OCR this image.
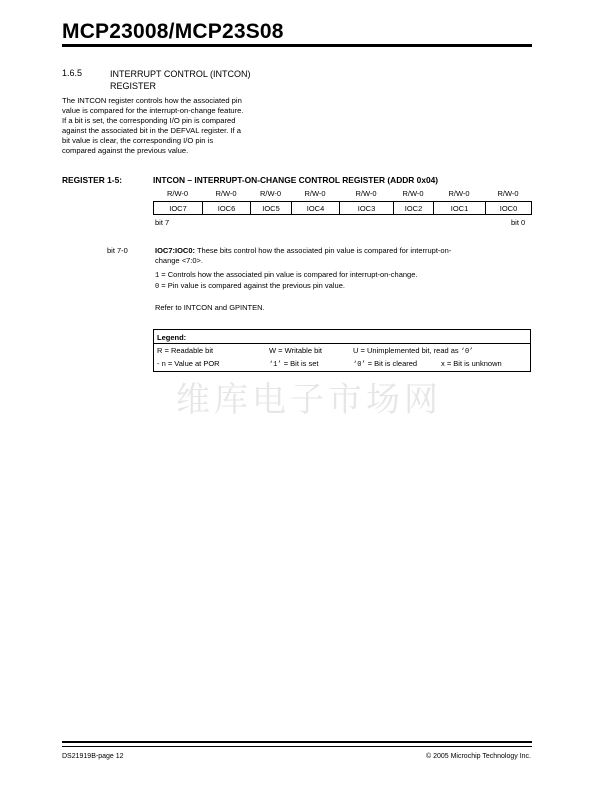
MCP23008/MCP23S08
1.6.5	INTERRUPT CONTROL (INTCON)
REGISTER

The INTCON register controls how the associated pin

value is compared for the interrupt-on-change feature.

If a bit is set, the corresponding I/O pin is compared

against the associated bit in the DEFVAL register. If a

bit value is clear, the corresponding I/O pin is

compared against the previous value.

REGISTER 1-5:	INTCON – INTERRUPT-ON-CHANGE CONTROL REGISTER (ADDR 0x04)
R/W-0	R/W-0	R/W-0	R/W-0	R/W-0	R/W-0	R/W-0	R/W-0
IOC7	IOC6	IOC5	IOC4	IOC3	IOC2	IOC1	IOC0
bit 7	bit 0
bit 7-0	IOC7:IOC0: These bits control how the associated pin value is compared for interrupt-on-
change <7:0>.
1 = Controls how the associated pin value is compared for interrupt-on-change.
0 = Pin value is compared against the previous pin value.
Refer to INTCON and GPINTEN.
Legend:
R = Readable bit	W = Writable bit	U = Unimplemented bit, read as ‘0’
- n = Value at POR	‘1’ = Bit is set	‘0’ = Bit is cleared	x = Bit is unknown
维库电子市场网
DS21919B-page 12	© 2005 Microchip Technology Inc.
